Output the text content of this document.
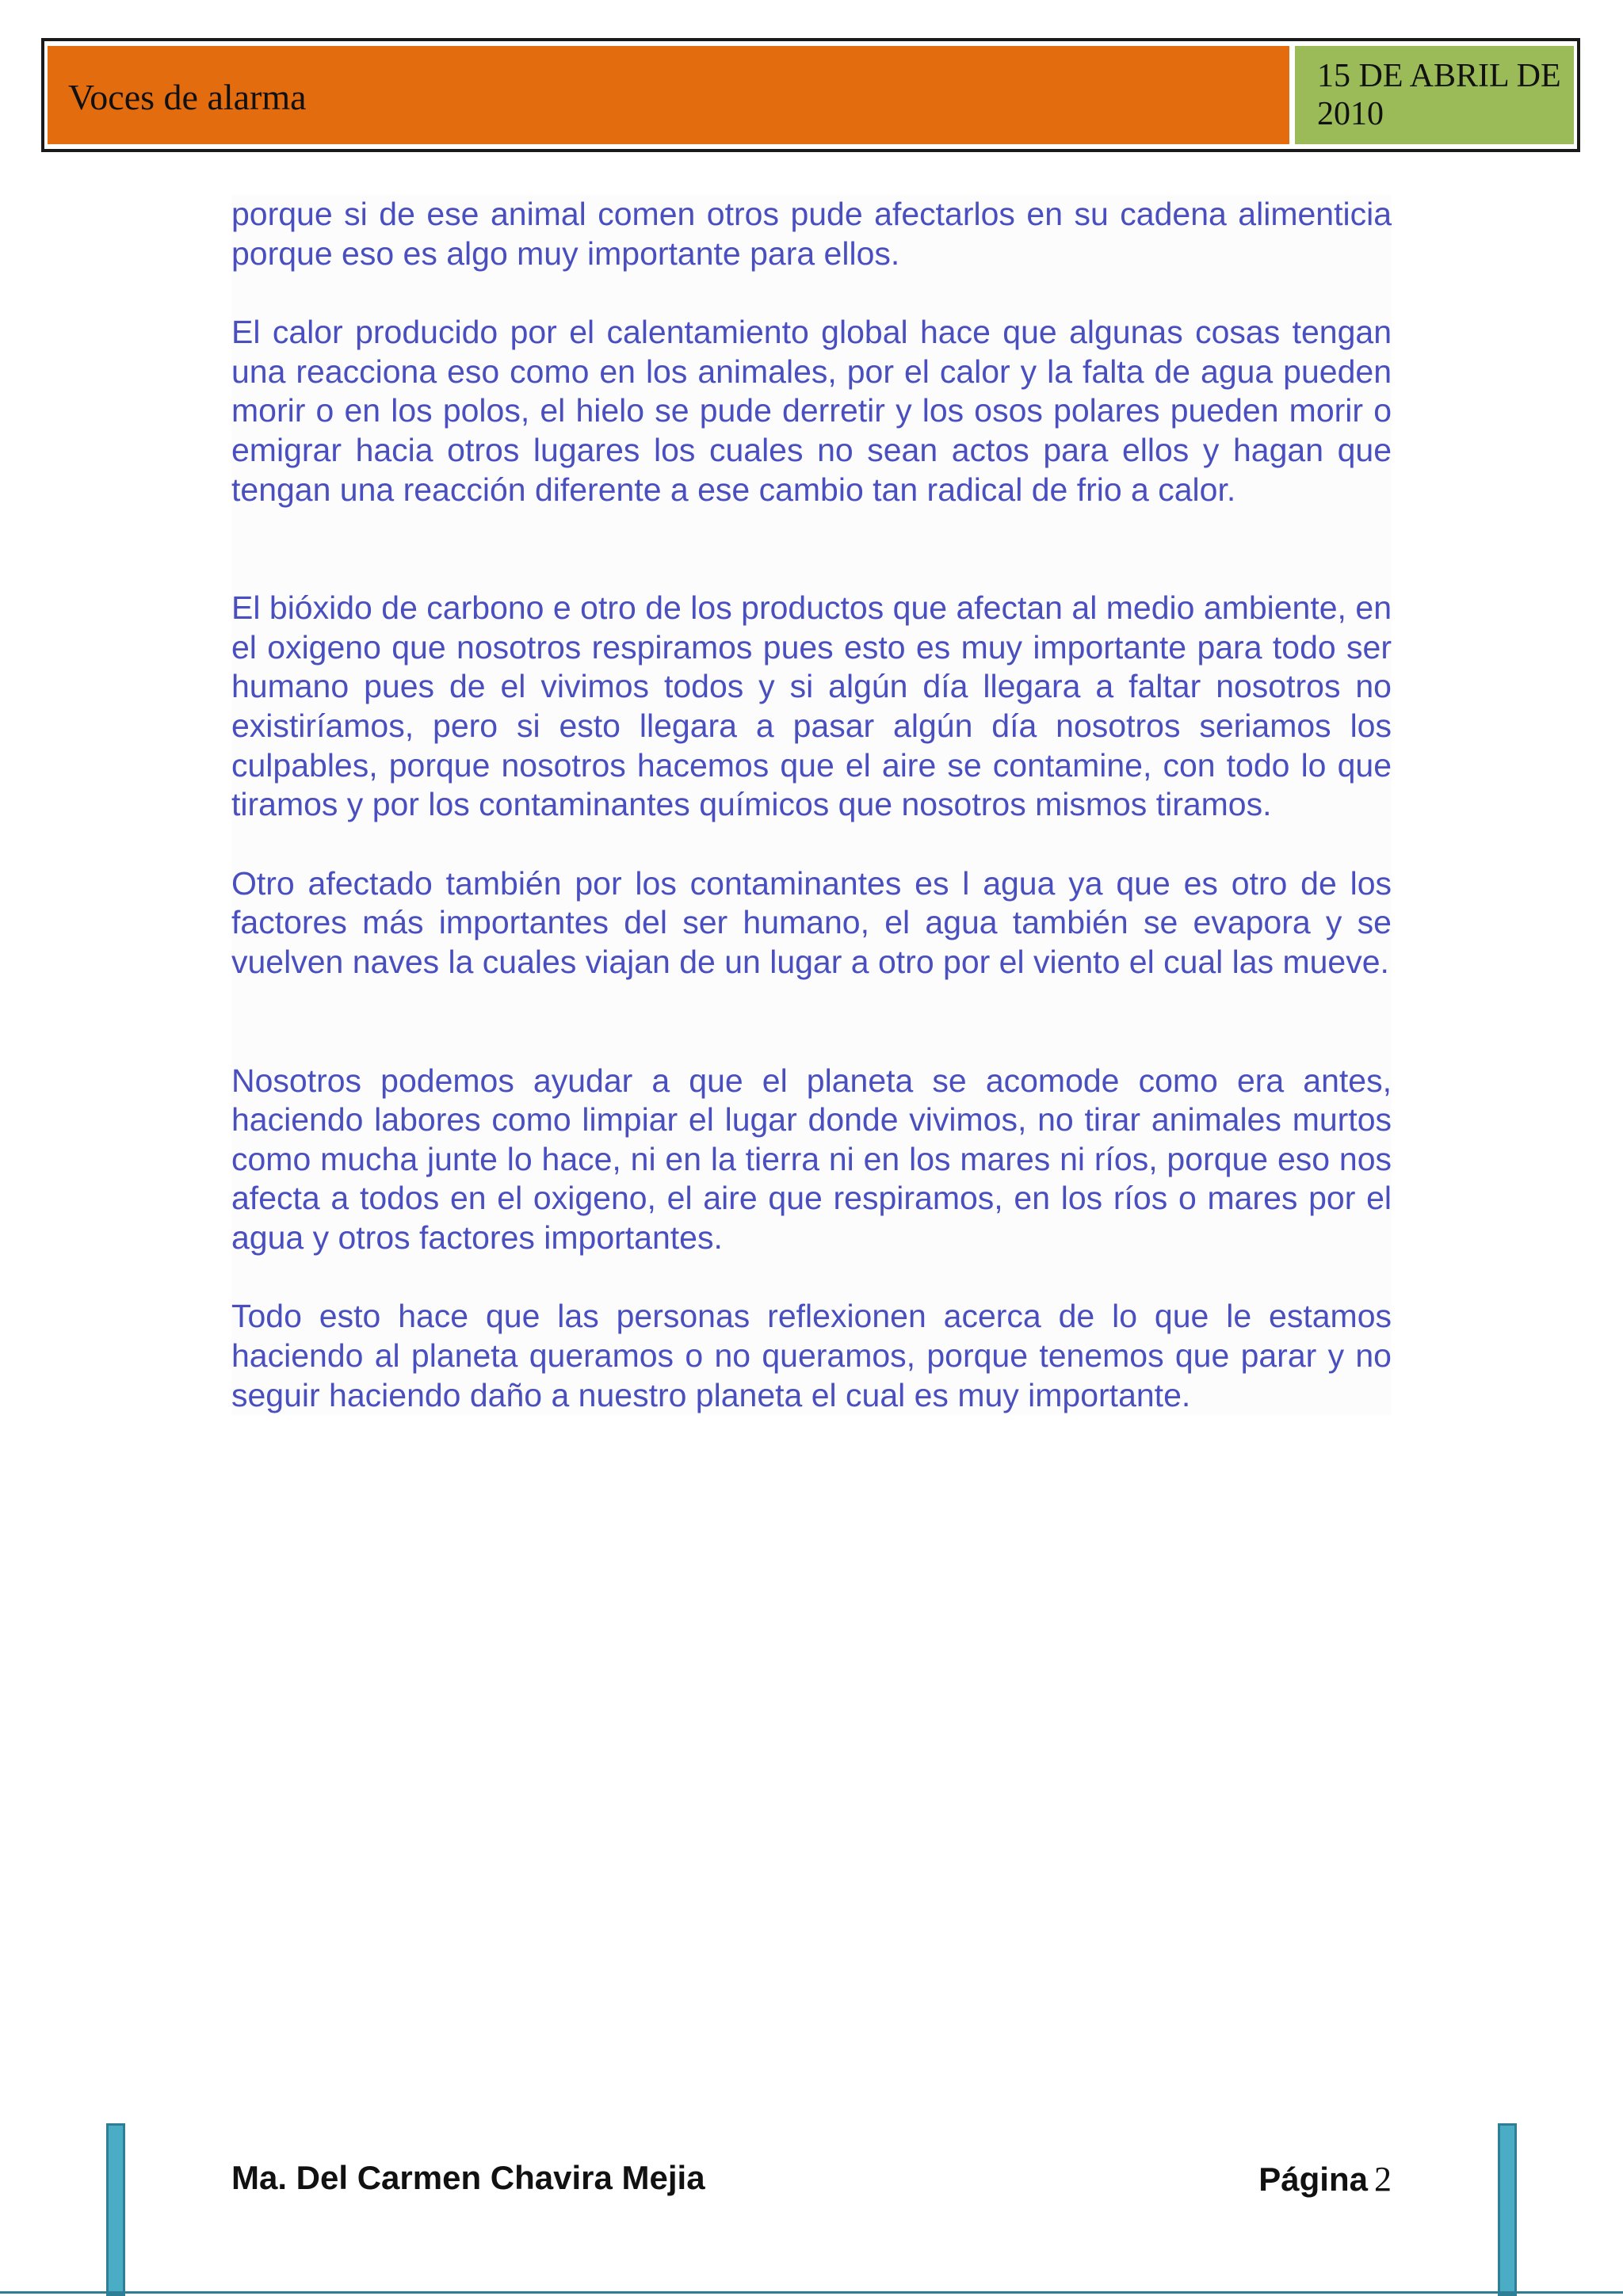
Voces de alarma
15 DE ABRIL DE 2010

porque si de ese animal comen otros pude afectarlos en su cadena alimenticia porque eso es algo muy importante para ellos.

El calor producido por el calentamiento global hace que algunas cosas tengan una reacciona eso como en los animales, por el calor y la falta de agua pueden morir o en los polos, el hielo se pude derretir y los osos polares pueden morir o emigrar hacia otros lugares los cuales no sean actos para ellos y hagan que tengan una reacción diferente a ese cambio tan radical de frio a calor.

El bióxido de carbono e otro de los productos que afectan al medio ambiente, en el oxigeno que nosotros respiramos pues esto es muy importante para todo ser humano pues de el vivimos todos y si algún día llegara a faltar nosotros no existiríamos, pero si esto llegara a pasar algún día nosotros seriamos los culpables, porque nosotros hacemos que el aire se contamine, con todo lo que tiramos y por los contaminantes químicos que nosotros mismos tiramos.

Otro afectado también por los contaminantes es l agua ya que es otro de los factores más importantes del ser humano, el agua también se evapora y se vuelven naves la cuales viajan de un lugar a otro por el viento el cual las mueve.

Nosotros podemos ayudar a que el planeta se acomode como era antes, haciendo labores como limpiar el lugar donde vivimos, no tirar animales murtos como mucha junte lo hace, ni en la tierra ni en los mares ni ríos, porque eso nos afecta a todos en el oxigeno, el aire que respiramos, en los ríos o mares por el agua y otros factores importantes.

Todo esto hace que las personas reflexionen acerca de lo que le estamos haciendo al planeta queramos o no queramos, porque tenemos que parar y no seguir haciendo daño a nuestro planeta el cual es muy importante.

Ma. Del Carmen Chavira Mejia	Página 2
